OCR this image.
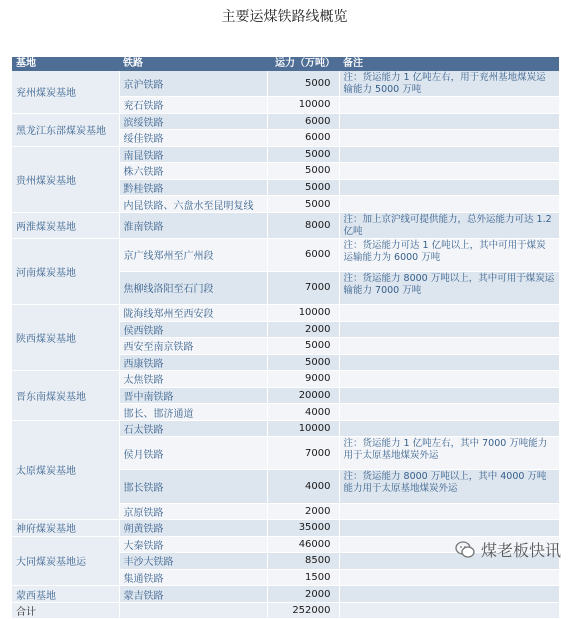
主要运煤铁路线概览
基地	铁路	运力（万吨）	备注
兖州煤炭基地	京沪铁路	5000	注：货运能力 1 亿吨左右，用于兖州基地煤炭运输能力 5000 万吨
	兖石铁路	10000	
黑龙江东部煤炭基地	滨绥铁路	6000	
	绥佳铁路	6000	
贵州煤炭基地	南昆铁路	5000	
	株六铁路	5000	
	黔桂铁路	5000	
	内昆铁路、六盘水至昆明复线	5000	
两淮煤炭基地	淮南铁路	8000	注：加上京沪线可提供能力，总外运能力可达 1.2 亿吨
河南煤炭基地	京广线郑州至广州段	6000	注：货运能力可达 1 亿吨以上，其中可用于煤炭运输能力为 6000 万吨
	焦柳线洛阳至石门段	7000	注：货运能力 8000 万吨以上，其中可用于煤炭运输能力 7000 万吨
陕西煤炭基地	陇海线郑州至西安段	10000	
	侯西铁路	2000	
	西安至南京铁路	5000	
	西康铁路	5000	
晋东南煤炭基地	太焦铁路	9000	
	晋中南铁路	20000	
	邯长、邯济通道	4000	
太原煤炭基地	石太铁路	10000	
	侯月铁路	7000	注：货运能力 1 亿吨左右，其中 7000 万吨能力用于太原基地煤炭外运
	邯长铁路	4000	注：货运能力 8000 万吨以上，其中 4000 万吨能力用于太原基地煤炭外运
	京原铁路	2000	
神府煤炭基地	朔黄铁路	35000	
大同煤炭基地运	大秦铁路	46000	
	丰沙大铁路	8500	
	集通铁路	1500	
蒙西基地	蒙吉铁路	2000	
合计		252000	
煤老板快讯
